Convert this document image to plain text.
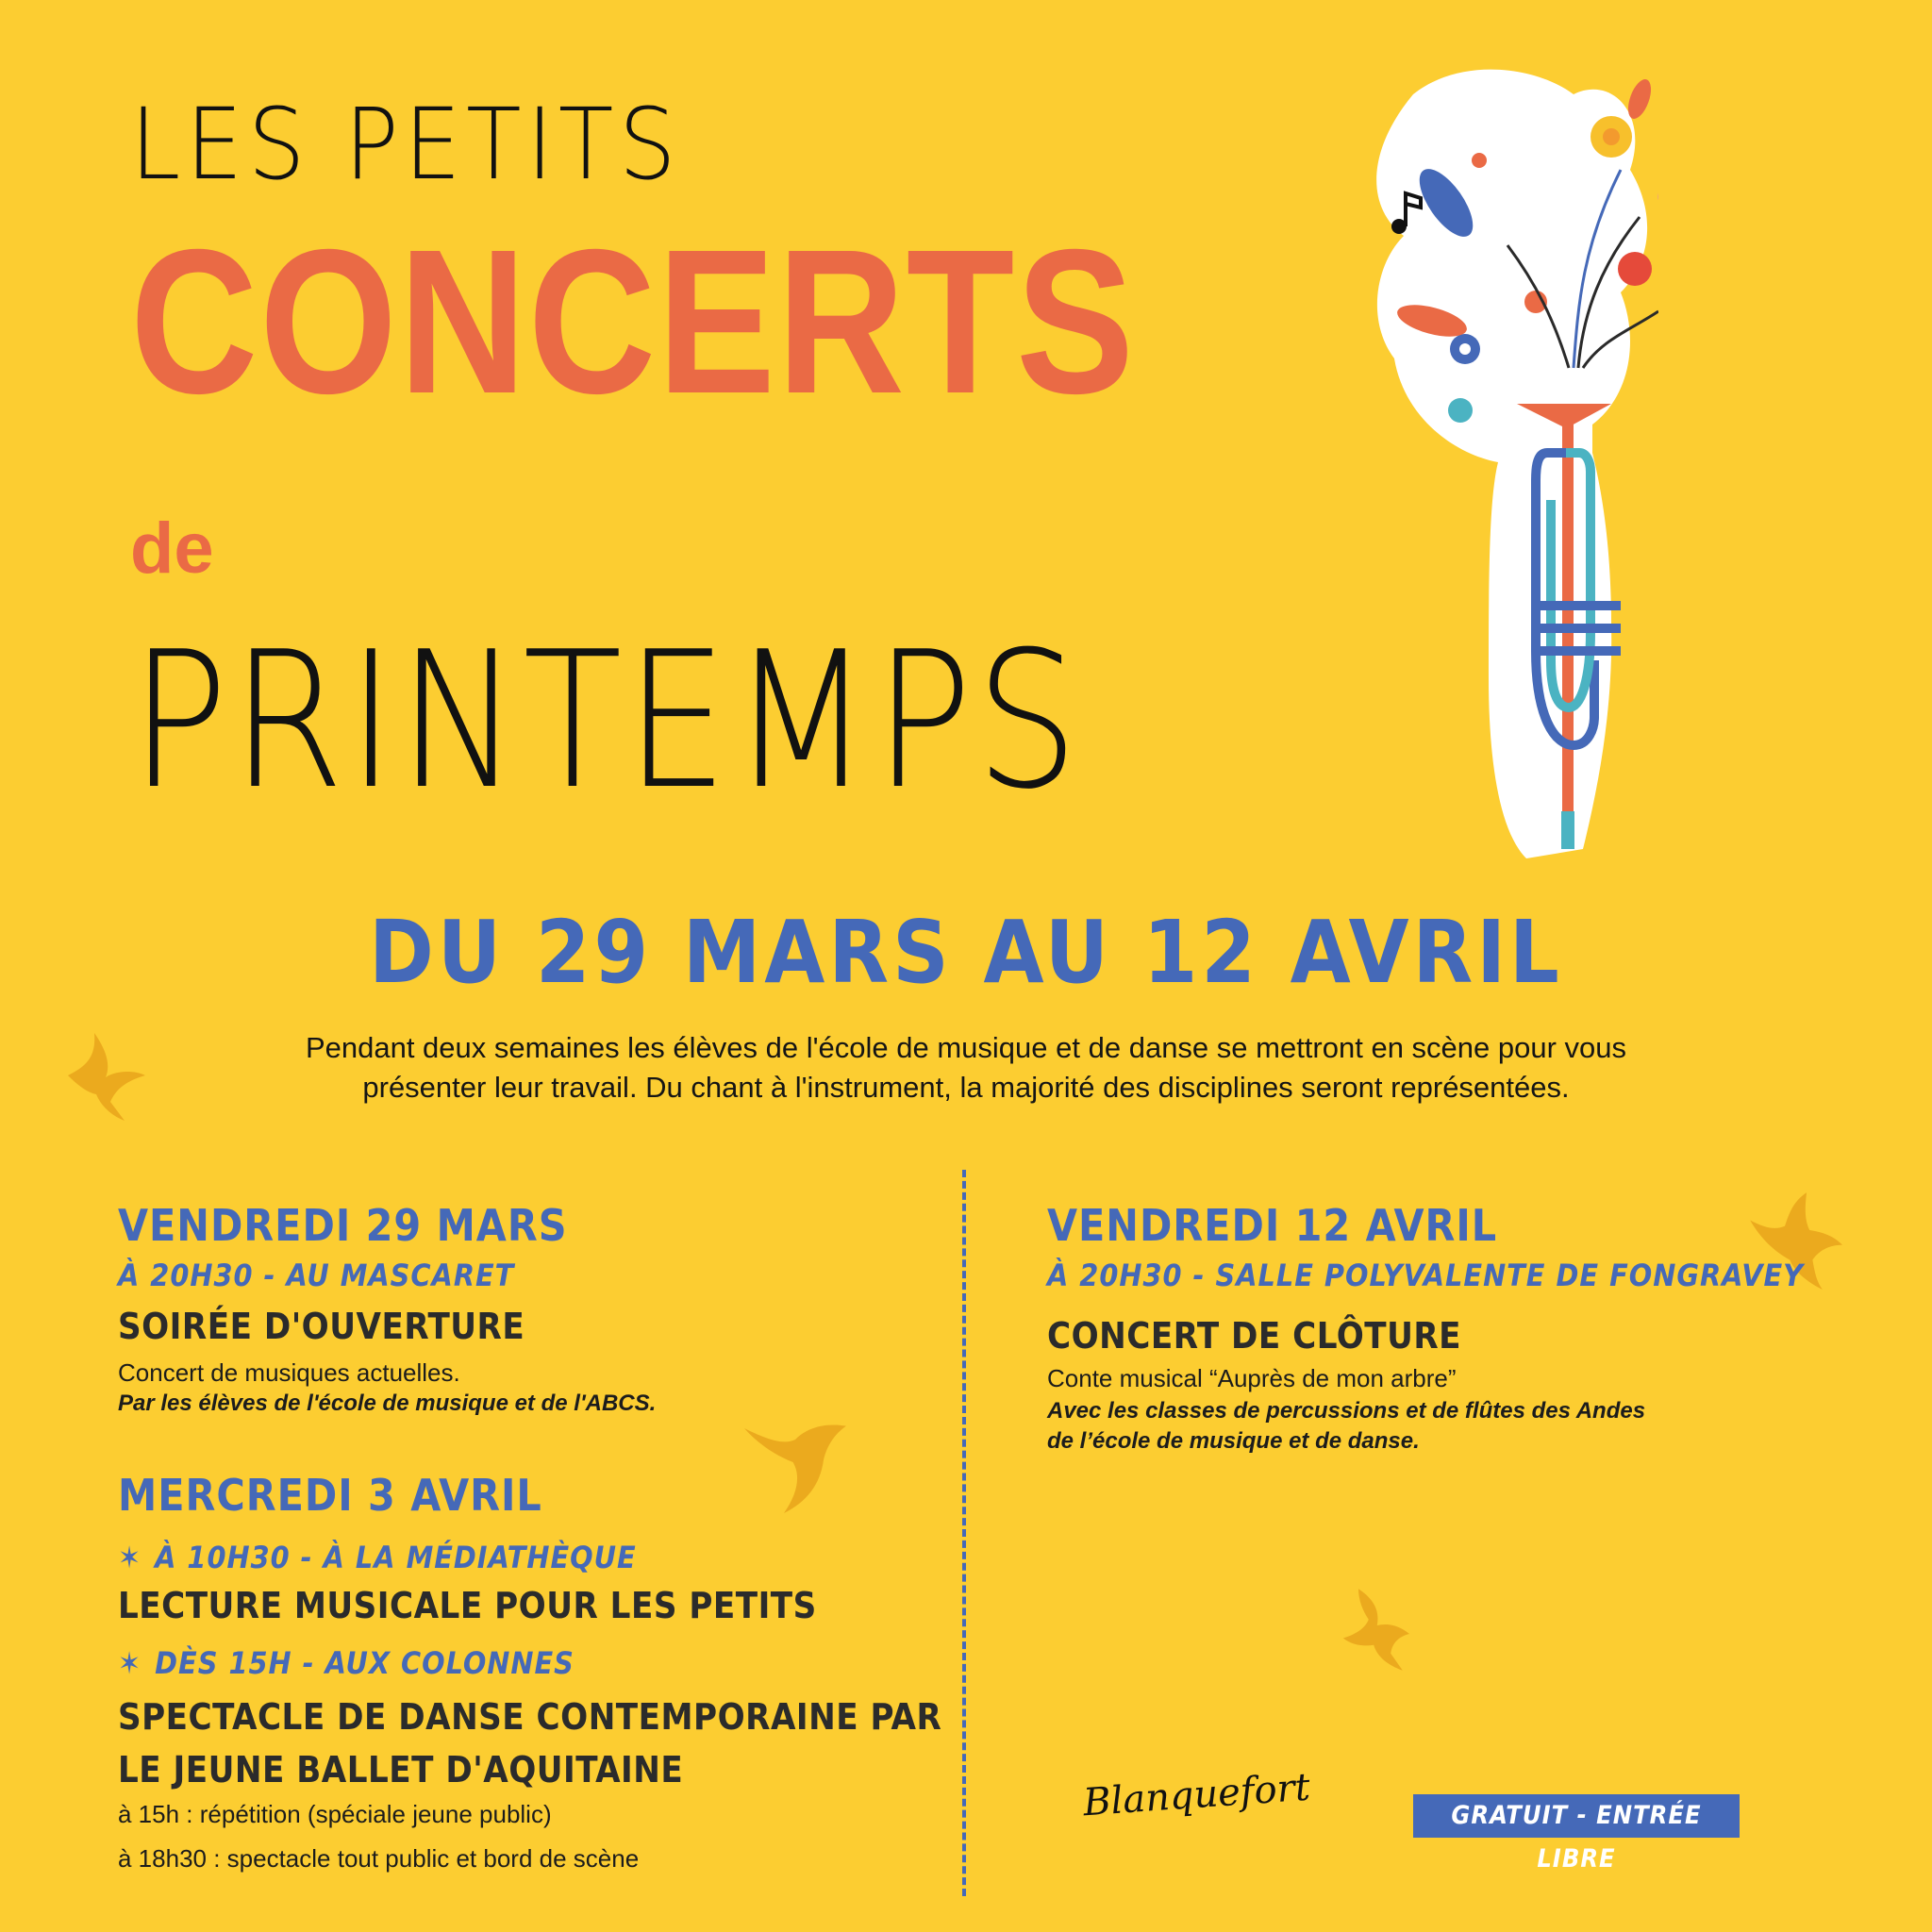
LES PETITS
CONCERTS
de
PRINTEMPS
DU 29 MARS AU 12 AVRIL
Pendant deux semaines les élèves de l'école de musique et de danse se mettront en scène pour vous
présenter leur travail. Du chant à l'instrument, la majorité des disciplines seront représentées.
VENDREDI 29 MARS
À 20H30 - AU MASCARET
SOIRÉE D'OUVERTURE
Concert de musiques actuelles.
Par les élèves de l'école de musique et de l'ABCS.
MERCREDI 3 AVRIL
✶ À 10H30 - À LA MÉDIATHÈQUE
LECTURE MUSICALE POUR LES PETITS
✶ DÈS 15H - AUX COLONNES
SPECTACLE DE DANSE CONTEMPORAINE PAR
LE JEUNE BALLET D'AQUITAINE
à 15h : répétition (spéciale jeune public)
à 18h30 : spectacle tout public et bord de scène
VENDREDI 12 AVRIL
À 20H30 - SALLE POLYVALENTE DE FONGRAVEY
CONCERT DE CLÔTURE
Conte musical “Auprès de mon arbre”
Avec les classes de percussions et de flûtes des Andes
de l’école de musique et de danse.
Blanquefort	GRATUIT - ENTRÉE LIBRE
